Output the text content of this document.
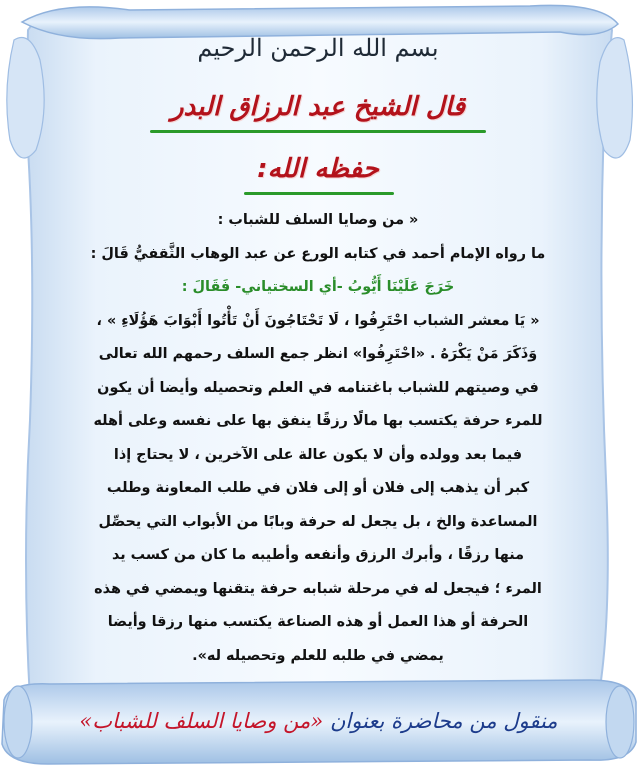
بسم الله الرحمن الرحيم
قال الشيخ عبد الرزاق البدر
حفظه الله:
« من وصايا السلف للشباب :
ما رواه الإمام أحمد في كتابه الورع عن عبد الوهاب الثَّقفيُّ قَالَ :
خَرَجَ عَلَيْنَا أَيُّوبُ -أي السختياني- فَقَالَ :
« يَا معشر الشباب احْتَرِفُوا ، لَا تَحْتَاجُونَ أَنْ تَأْتُوا أَبْوَابَ هَؤُلَاءِ » ،
وَذَكَرَ مَنْ يَكْرَهُ . «احْتَرِفُوا» انظر جمع السلف رحمهم الله تعالى
في وصيتهم للشباب باغتنامه في العلم وتحصيله وأيضا أن يكون
للمرء حرفة يكتسب بها مالًا رزقًا ينفق بها على نفسه وعلى أهله
فيما بعد وولده وأن لا يكون عالة على الآخرين ، لا يحتاج إذا
كبر أن يذهب إلى فلان أو إلى فلان في طلب المعاونة وطلب
المساعدة والخ ، بل يجعل له حرفة وبابًا من الأبواب التي يحصِّل
منها رزقًا ، وأبرك الرزق وأنفعه وأطيبه ما كان من كسب يد
المرء ؛ فيجعل له في مرحلة شبابه حرفة يتقنها ويمضي في هذه
الحرفة أو هذا العمل أو هذه الصناعة يكتسب منها رزقا وأيضا
يمضي في طلبه للعلم وتحصيله له».
منقول من محاضرة بعنوان «من وصايا السلف للشباب»
